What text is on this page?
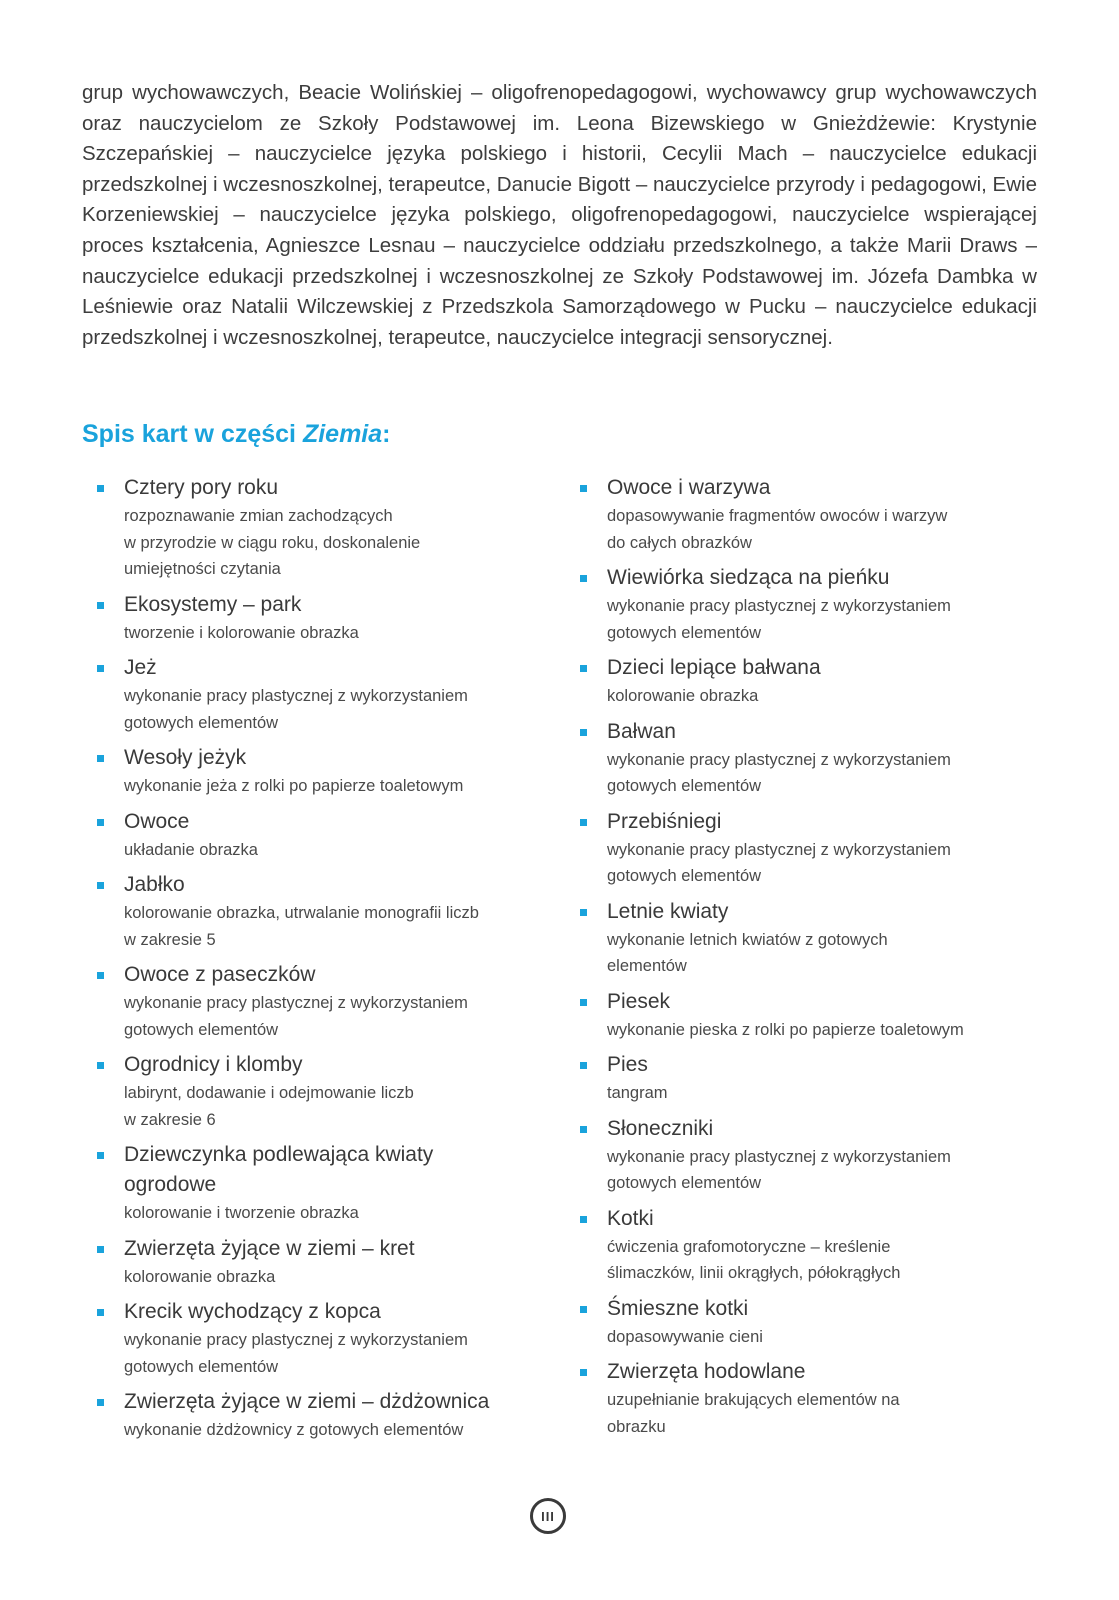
grup wychowawczych, Beacie Wolińskiej – oligofrenopedagogowi, wychowawcy grup wychowawczych oraz nauczycielom ze Szkoły Podstawowej im. Leona Bizewskiego w Gnieżdżewie: Krystynie Szczepańskiej – nauczycielce języka polskiego i historii, Cecylii Mach – nauczycielce edukacji przedszkolnej i wczesnoszkolnej, terapeutce, Danucie Bigott – nauczycielce przyrody i pedagogowi, Ewie Korzeniewskiej – nauczycielce języka polskiego, oligofrenopedagogowi, nauczycielce wspierającej proces kształcenia, Agnieszce Lesnau – nauczycielce oddziału przedszkolnego, a także Marii Draws – nauczycielce edukacji przedszkolnej i wczesnoszkolnej ze Szkoły Podstawowej im. Józefa Dambka w Leśniewie oraz Natalii Wilczewskiej z Przedszkola Samorządowego w Pucku – nauczycielce edukacji przedszkolnej i wczesnoszkolnej, terapeutce, nauczycielce integracji sensorycznej.

Spis kart w części Ziemia:
Cztery pory roku
rozpoznawanie zmian zachodzących
w przyrodzie w ciągu roku, doskonalenie
umiejętności czytania
Ekosystemy – park
tworzenie i kolorowanie obrazka
Jeż
wykonanie pracy plastycznej z wykorzystaniem
gotowych elementów
Wesoły jeżyk
wykonanie jeża z rolki po papierze toaletowym
Owoce
układanie obrazka
Jabłko
kolorowanie obrazka, utrwalanie monografii liczb
w zakresie 5
Owoce z paseczków
wykonanie pracy plastycznej z wykorzystaniem
gotowych elementów
Ogrodnicy i klomby
labirynt, dodawanie i odejmowanie liczb
w zakresie 6
Dziewczynka podlewająca kwiaty
ogrodowe
kolorowanie i tworzenie obrazka
Zwierzęta żyjące w ziemi – kret
kolorowanie obrazka
Krecik wychodzący z kopca
wykonanie pracy plastycznej z wykorzystaniem
gotowych elementów
Zwierzęta żyjące w ziemi – dżdżownica
wykonanie dżdżownicy z gotowych elementów
Owoce i warzywa
dopasowywanie fragmentów owoców i warzyw
do całych obrazków
Wiewiórka siedząca na pieńku
wykonanie pracy plastycznej z wykorzystaniem
gotowych elementów
Dzieci lepiące bałwana
kolorowanie obrazka
Bałwan
wykonanie pracy plastycznej z wykorzystaniem
gotowych elementów
Przebiśniegi
wykonanie pracy plastycznej z wykorzystaniem
gotowych elementów
Letnie kwiaty
wykonanie letnich kwiatów z gotowych
elementów
Piesek
wykonanie pieska z rolki po papierze toaletowym
Pies
tangram
Słoneczniki
wykonanie pracy plastycznej z wykorzystaniem
gotowych elementów
Kotki
ćwiczenia grafomotoryczne – kreślenie
ślimaczków, linii okrągłych, półokrągłych
Śmieszne kotki
dopasowywanie cieni
Zwierzęta hodowlane
uzupełnianie brakujących elementów na
obrazku
III
